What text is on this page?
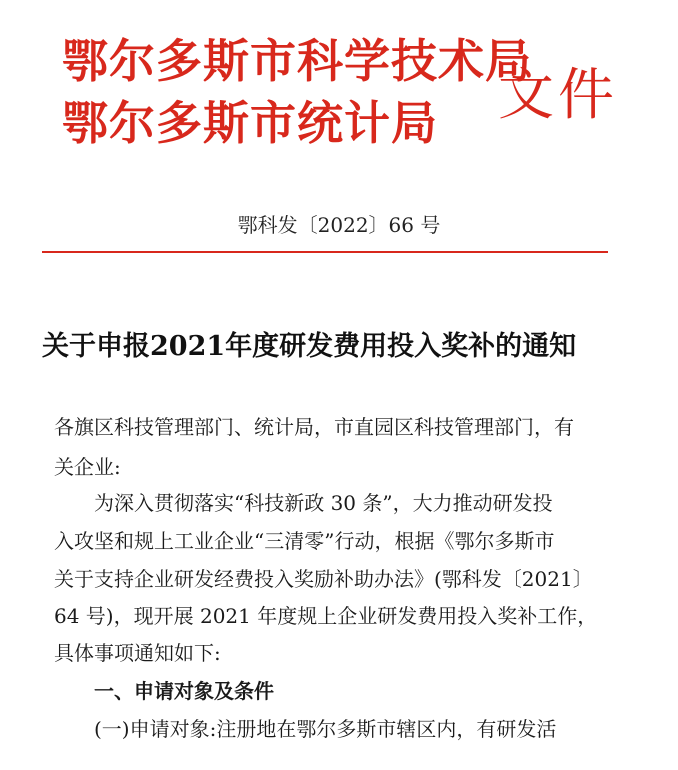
鄂尔多斯市科学技术局
鄂尔多斯市统计局 文件
鄂科发〔2022〕66 号
关于申报2021年度研发费用投入奖补的通知
各旗区科技管理部门、统计局，市直园区科技管理部门，有
关企业:
为深入贯彻落实“科技新政 30 条”，大力推动研发投
入攻坚和规上工业企业“三清零”行动，根据《鄂尔多斯市
关于支持企业研发经费投入奖励补助办法》(鄂科发〔2021〕
64 号)，现开展 2021 年度规上企业研发费用投入奖补工作，
具体事项通知如下:
一、申请对象及条件
(一)申请对象:注册地在鄂尔多斯市辖区内，有研发活
